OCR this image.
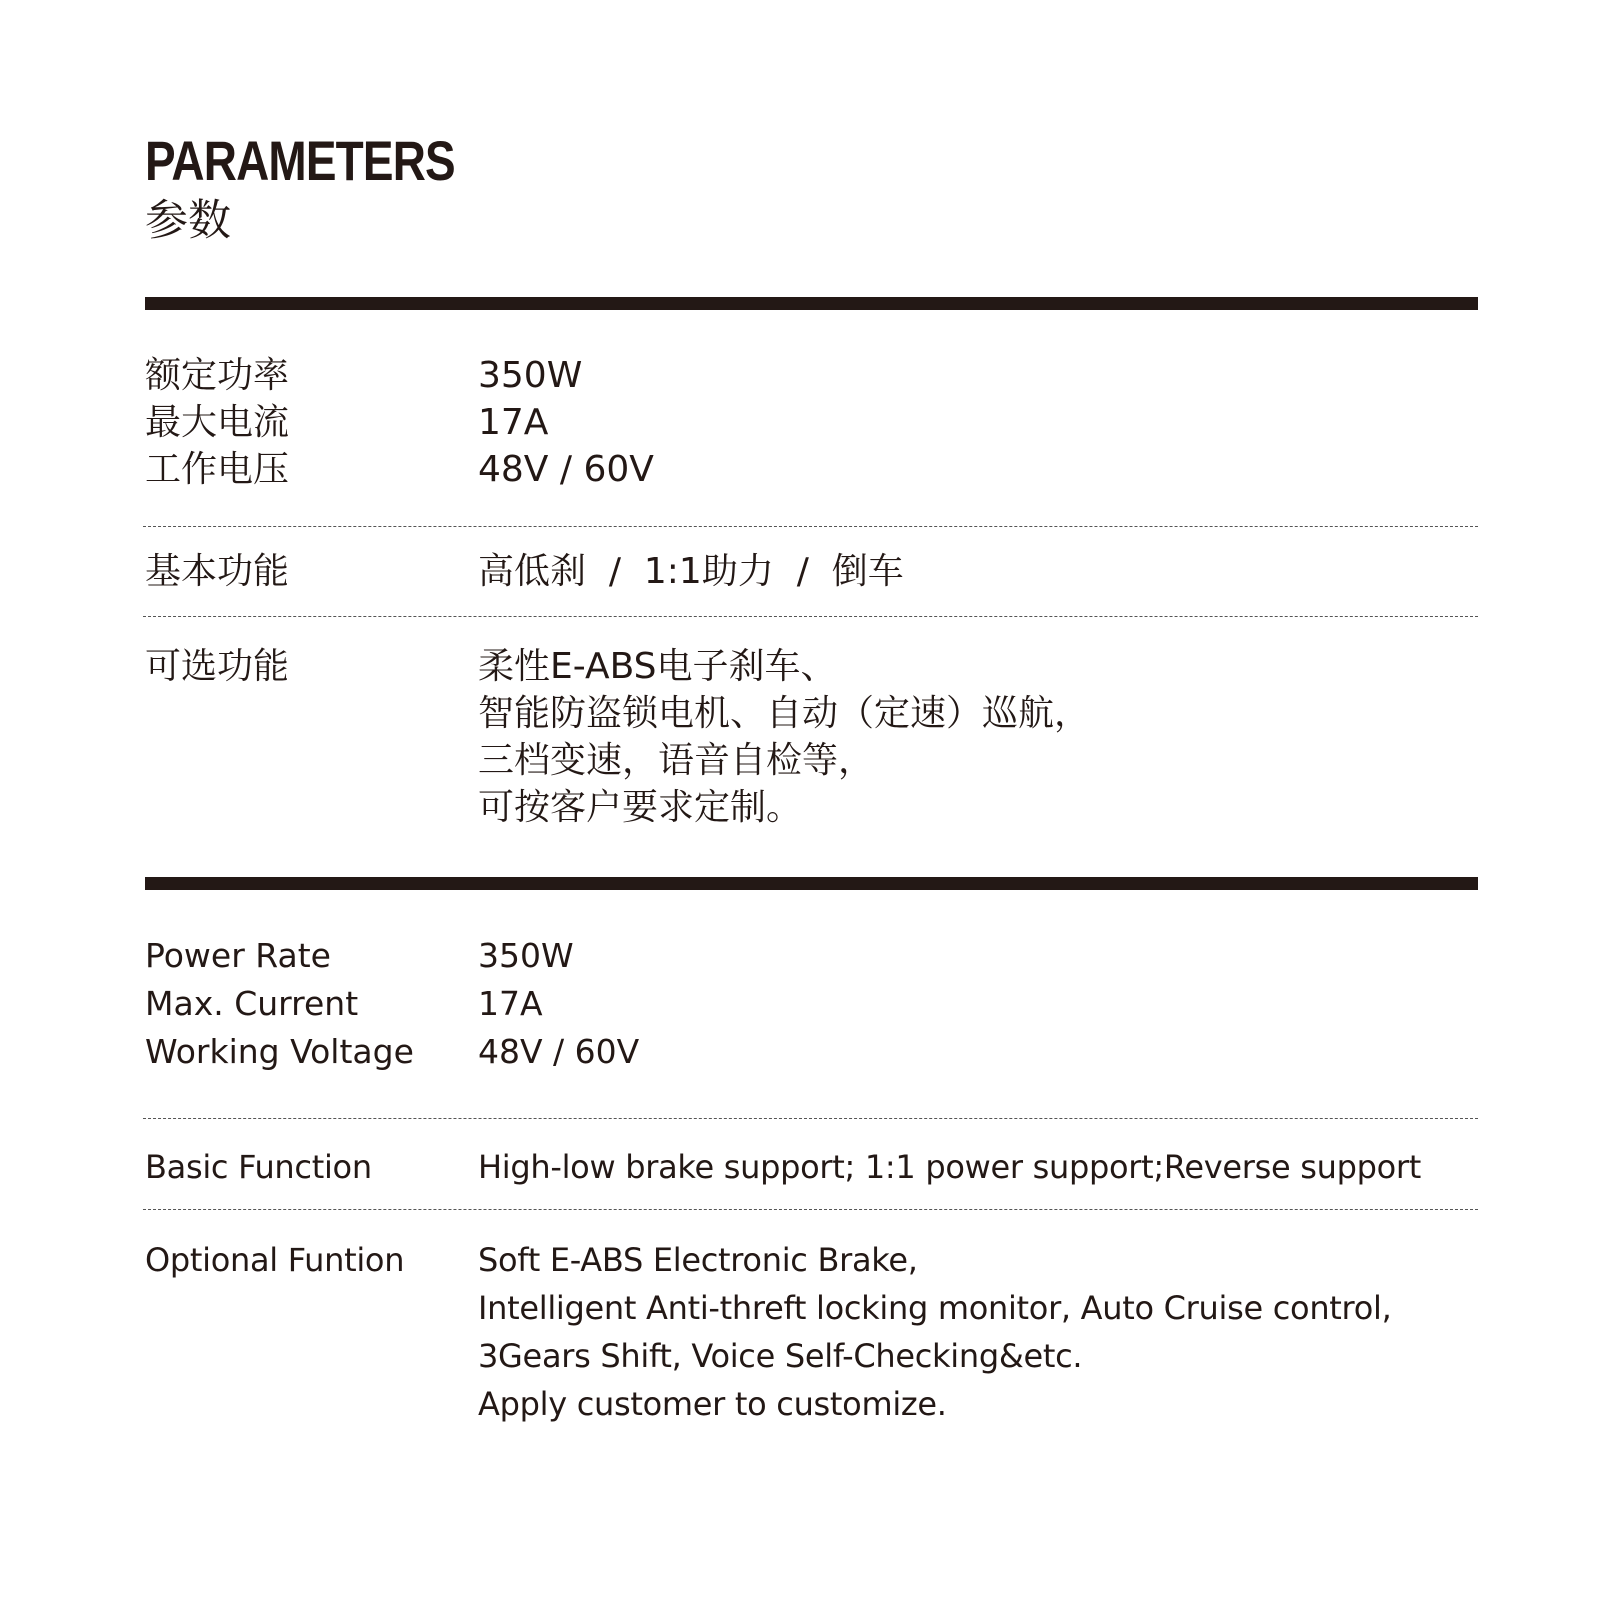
PARAMETERS
参数
额定功率	350W
最大电流	17A
工作电压	48V / 60V
基本功能	高低刹  /  1:1助力  /  倒车
可选功能	柔性E-ABS电子刹车、
智能防盗锁电机、自动（定速）巡航，
三档变速，语音自检等，
可按客户要求定制。
Power Rate	350W
Max. Current	17A
Working Voltage	48V / 60V
Basic Function	High-low brake support; 1:1 power support;Reverse support
Optional Funtion	Soft E-ABS Electronic Brake,
Intelligent Anti-threft locking monitor, Auto Cruise control,
3Gears Shift, Voice Self-Checking&etc.
Apply customer to customize.
